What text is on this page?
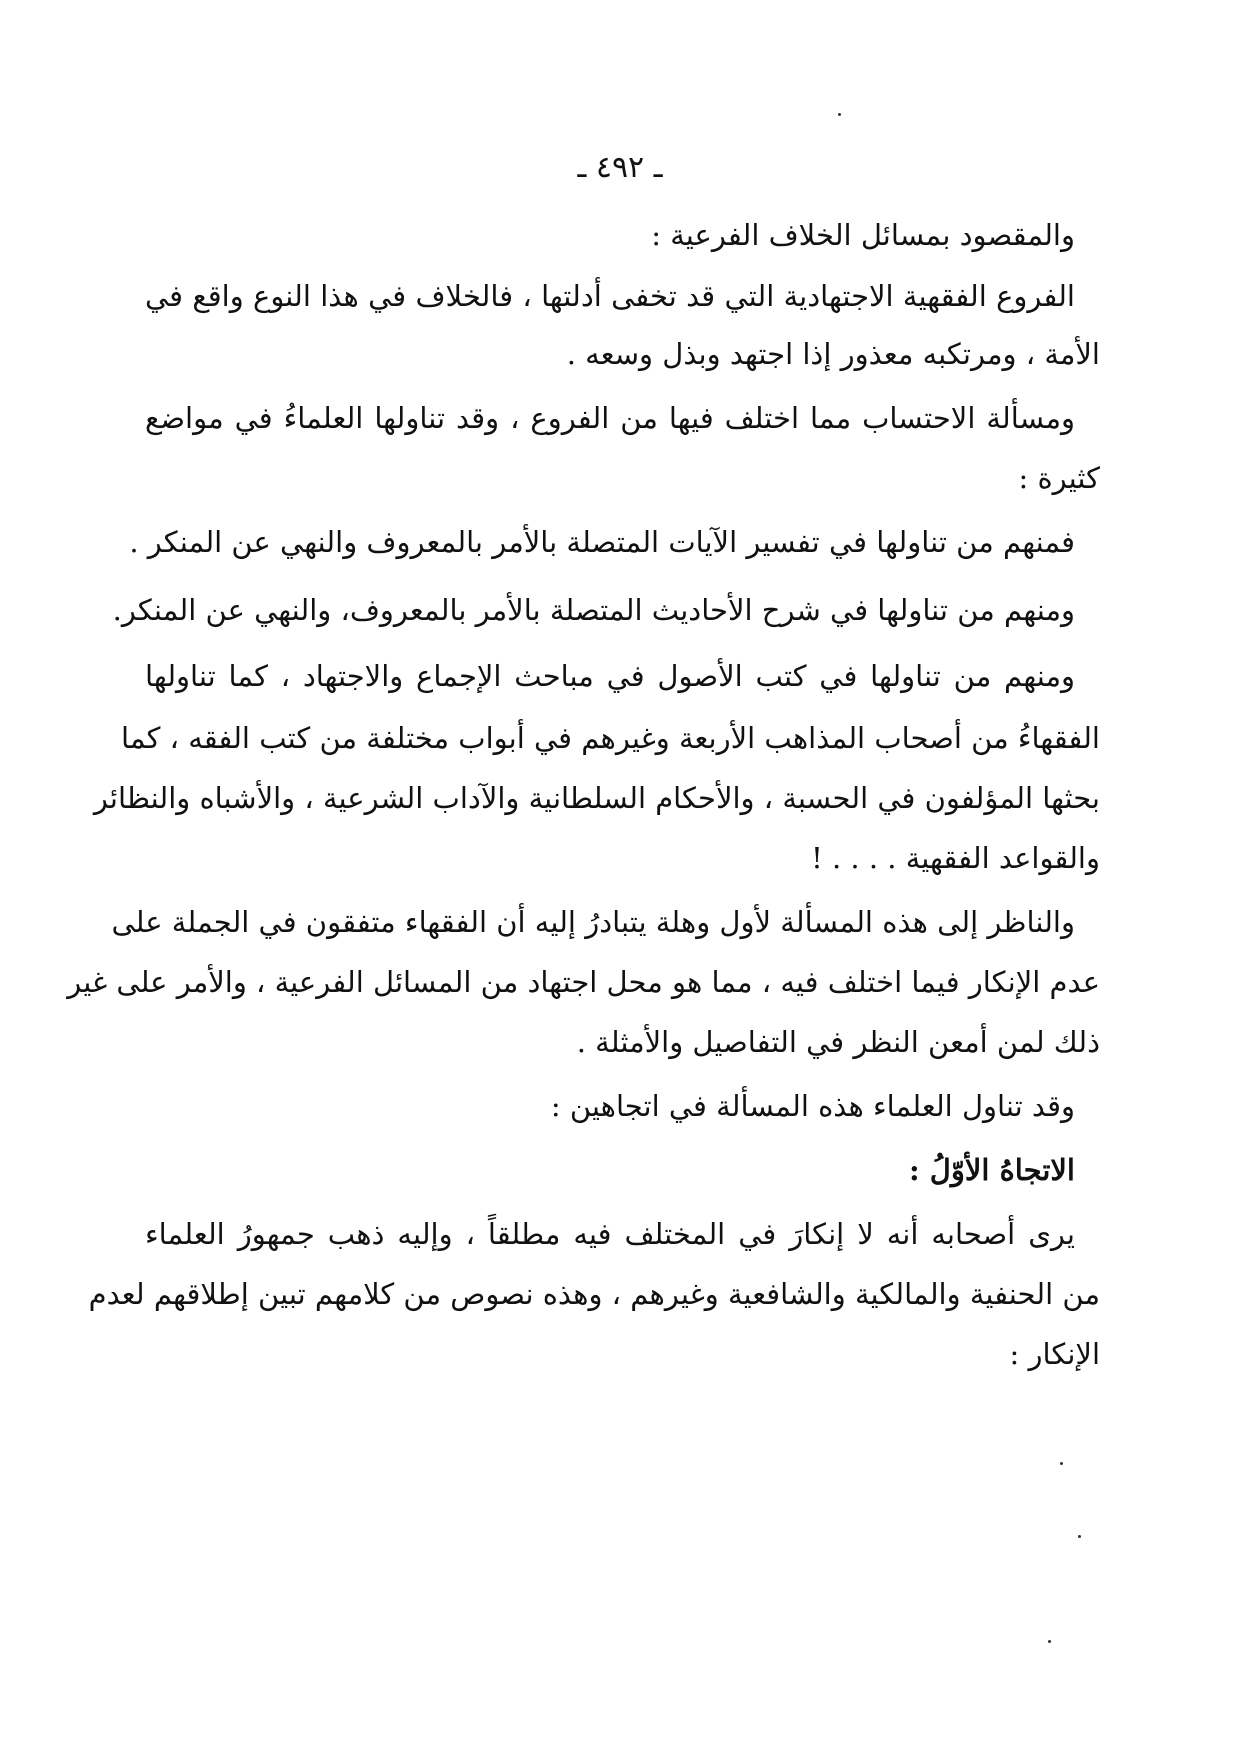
ـ ٤٩٢ ـ
والمقصود بمسائل الخلاف الفرعية :
الفروع الفقهية الاجتهادية التي قد تخفى أدلتها ، فالخلاف في هذا النوع واقع في
الأمة ، ومرتكبه معذور إذا اجتهد وبذل وسعه .
ومسألة الاحتساب مما اختلف فيها من الفروع ، وقد تناولها العلماءُ في مواضع
كثيرة :
فمنهم من تناولها في تفسير الآيات المتصلة بالأمر بالمعروف والنهي عن المنكر .
ومنهم من تناولها في شرح الأحاديث المتصلة بالأمر بالمعروف، والنهي عن المنكر.
ومنهم من تناولها في كتب الأصول في مباحث الإجماع والاجتهاد ، كما تناولها
الفقهاءُ من أصحاب المذاهب الأربعة وغيرهم في أبواب مختلفة من كتب الفقه ، كما
بحثها المؤلفون في الحسبة ، والأحكام السلطانية والآداب الشرعية ، والأشباه والنظائر
والقواعد الفقهية . . . . !
والناظر إلى هذه المسألة لأول وهلة يتبادرُ إليه أن الفقهاء متفقون في الجملة على
عدم الإنكار فيما اختلف فيه ، مما هو محل اجتهاد من المسائل الفرعية ، والأمر على غير
ذلك لمن أمعن النظر في التفاصيل والأمثلة .
وقد تناول العلماء هذه المسألة في اتجاهين :
الاتجاهُ الأوّلُ :
يرى أصحابه أنه لا إنكارَ في المختلف فيه مطلقاً ، وإليه ذهب جمهورُ العلماء
من الحنفية والمالكية والشافعية وغيرهم ، وهذه نصوص من كلامهم تبين إطلاقهم لعدم
الإنكار :
